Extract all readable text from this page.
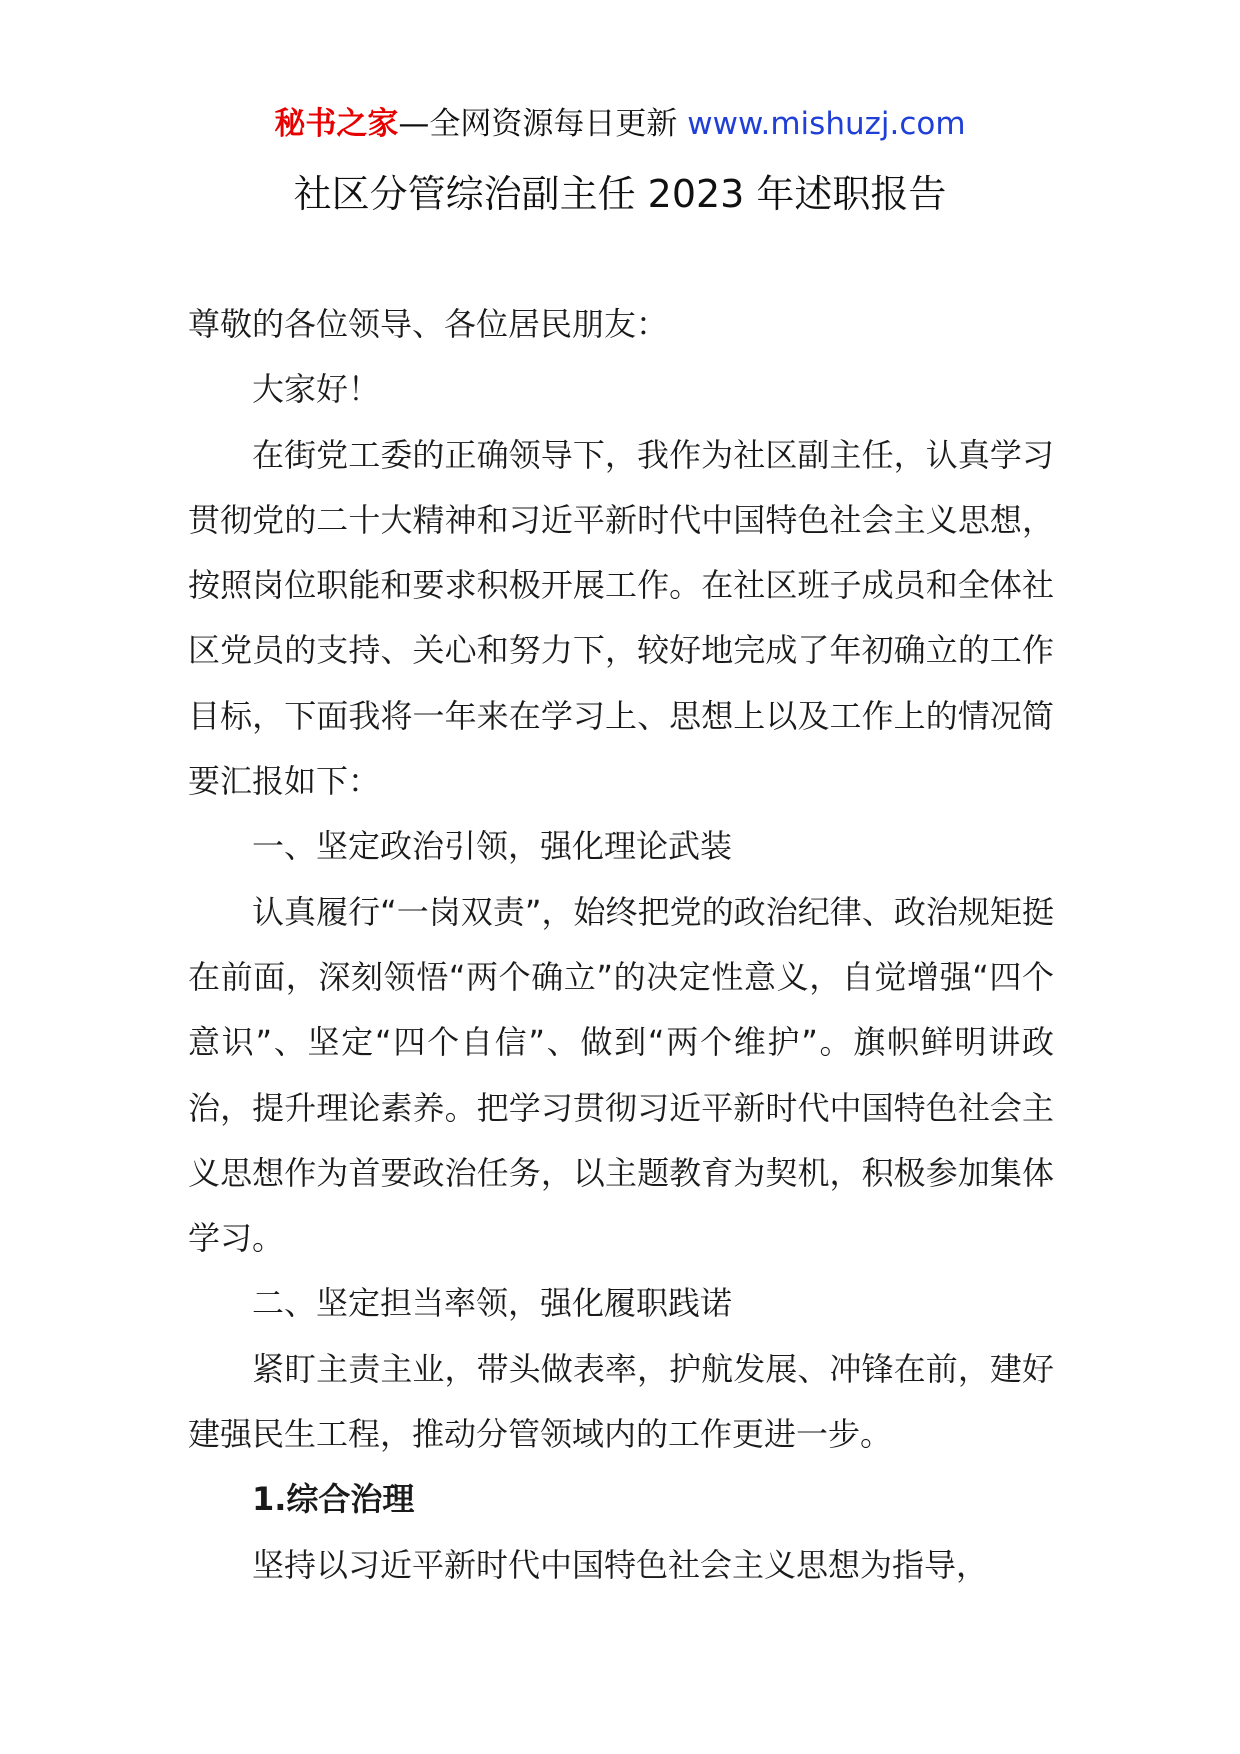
秘书之家—全网资源每日更新 www.mishuzj.com
社区分管综治副主任 2023 年述职报告

尊敬的各位领导、各位居民朋友：

大家好！

在街党工委的正确领导下，我作为社区副主任，认真学习贯彻党的二十大精神和习近平新时代中国特色社会主义思想，按照岗位职能和要求积极开展工作。在社区班子成员和全体社区党员的支持、关心和努力下，较好地完成了年初确立的工作目标，下面我将一年来在学习上、思想上以及工作上的情况简要汇报如下：

一、坚定政治引领，强化理论武装

认真履行“一岗双责”，始终把党的政治纪律、政治规矩挺在前面，深刻领悟“两个确立”的决定性意义，自觉增强“四个意识”、坚定“四个自信”、做到“两个维护”。旗帜鲜明讲政治，提升理论素养。把学习贯彻习近平新时代中国特色社会主义思想作为首要政治任务，以主题教育为契机，积极参加集体学习。

二、坚定担当率领，强化履职践诺

紧盯主责主业，带头做表率，护航发展、冲锋在前，建好建强民生工程，推动分管领域内的工作更进一步。

1.综合治理

坚持以习近平新时代中国特色社会主义思想为指导，
